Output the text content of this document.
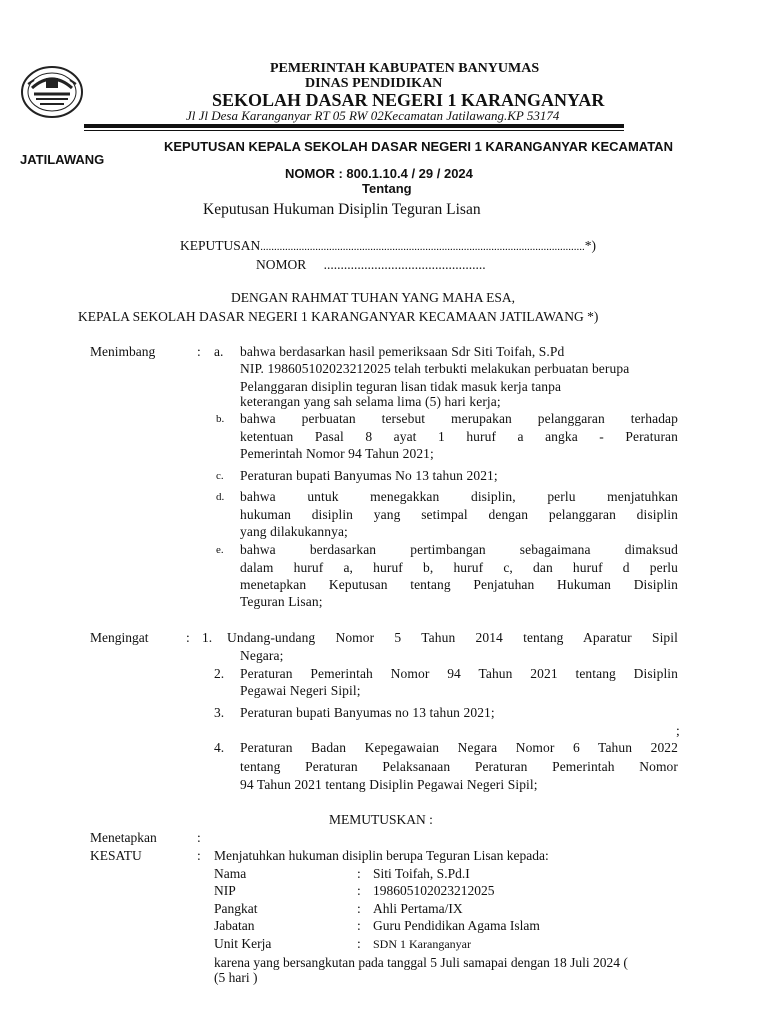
PEMERINTAH KABUPATEN BANYUMAS
DINAS PENDIDIKAN
SEKOLAH DASAR NEGERI 1 KARANGANYAR
Jl Jl Desa Karanganyar RT 05 RW 02Kecamatan Jatilawang.KP 53174
KEPUTUSAN KEPALA SEKOLAH DASAR NEGERI 1 KARANGANYAR KECAMATAN
JATILAWANG
NOMOR : 800.1.10.4 / 29 / 2024
Tentang
Keputusan Hukuman Disiplin Teguran Lisan
KEPUTUSAN......................................................................................................................*)
NOMOR ................................................
DENGAN RAHMAT TUHAN YANG MAHA ESA,
KEPALA SEKOLAH DASAR NEGERI 1 KARANGANYAR KECAMAAN JATILAWANG *)
Menimbang	: a. bahwa berdasarkan hasil pemeriksaan Sdr Siti Toifah, S.Pd
NIP. 198605102023212025 telah terbukti melakukan perbuatan berupa
Pelanggaran disiplin teguran lisan tidak masuk kerja tanpa
keterangan yang sah selama lima (5) hari kerja;
b. bahwa perbuatan tersebut merupakan pelanggaran terhadap
ketentuan Pasal 8 ayat 1 huruf a angka - Peraturan
Pemerintah Nomor 94 Tahun 2021;
c. Peraturan bupati Banyumas No 13 tahun 2021;
d. bahwa untuk menegakkan disiplin, perlu menjatuhkan
hukuman disiplin yang setimpal dengan pelanggaran disiplin
yang dilakukannya;
e. bahwa berdasarkan pertimbangan sebagaimana dimaksud
dalam huruf a, huruf b, huruf c, dan huruf d perlu
menetapkan Keputusan tentang Penjatuhan Hukuman Disiplin
Teguran Lisan;
Mengingat	: 1. Undang-undang Nomor 5 Tahun 2014 tentang Aparatur Sipil
Negara;
2. Peraturan Pemerintah Nomor 94 Tahun 2021 tentang Disiplin
Pegawai Negeri Sipil;
3. Peraturan bupati Banyumas no 13 tahun 2021;
;
4. Peraturan Badan Kepegawaian Negara Nomor 6 Tahun 2022
tentang Peraturan Pelaksanaan Peraturan Pemerintah Nomor
94 Tahun 2021 tentang Disiplin Pegawai Negeri Sipil;
MEMUTUSKAN :
Menetapkan	:
KESATU	: Menjatuhkan hukuman disiplin berupa Teguran Lisan kepada:
Nama	: Siti Toifah, S.Pd.I
NIP	: 198605102023212025
Pangkat	: Ahli Pertama/IX
Jabatan	: Guru Pendidikan Agama Islam
Unit Kerja	: SDN 1 Karanganyar
karena yang bersangkutan pada tanggal 5 Juli samapai dengan 18 Juli 2024 (
(5 hari )
